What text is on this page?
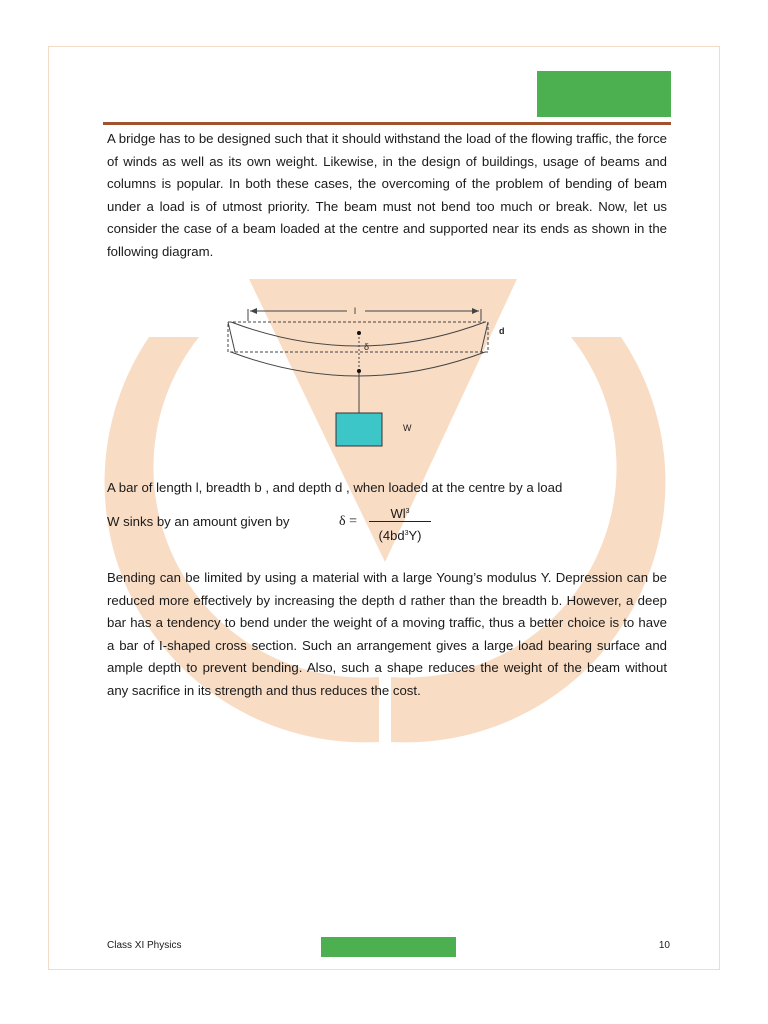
A bridge has to be designed such that it should withstand the load of the flowing traffic, the force of winds as well as its own weight. Likewise, in the design of buildings, usage of beams and columns is popular. In both these cases, the overcoming of the problem of bending of beam under a load is of utmost priority. The beam must not bend too much or break. Now, let us consider the case of a beam loaded at the centre and supported near its ends as shown in the following diagram.

l
d
δ
W

A bar of length l, breadth b , and depth d , when loaded at the centre by a load

W sinks by an amount given by	$\delta = \frac{Wl^3}{(4bd^3Y)}$

Bending can be limited by using a material with a large Young’s modulus Y. Depression can be reduced more effectively by increasing the depth d rather than the breadth b. However, a deep bar has a tendency to bend under the weight of a moving traffic, thus a better choice is to have a bar of I-shaped cross section. Such an arrangement gives a large load bearing surface and ample depth to prevent bending. Also, such a shape reduces the weight of the beam without any sacrifice in its strength and thus reduces the cost.

Class XI Physics	10
